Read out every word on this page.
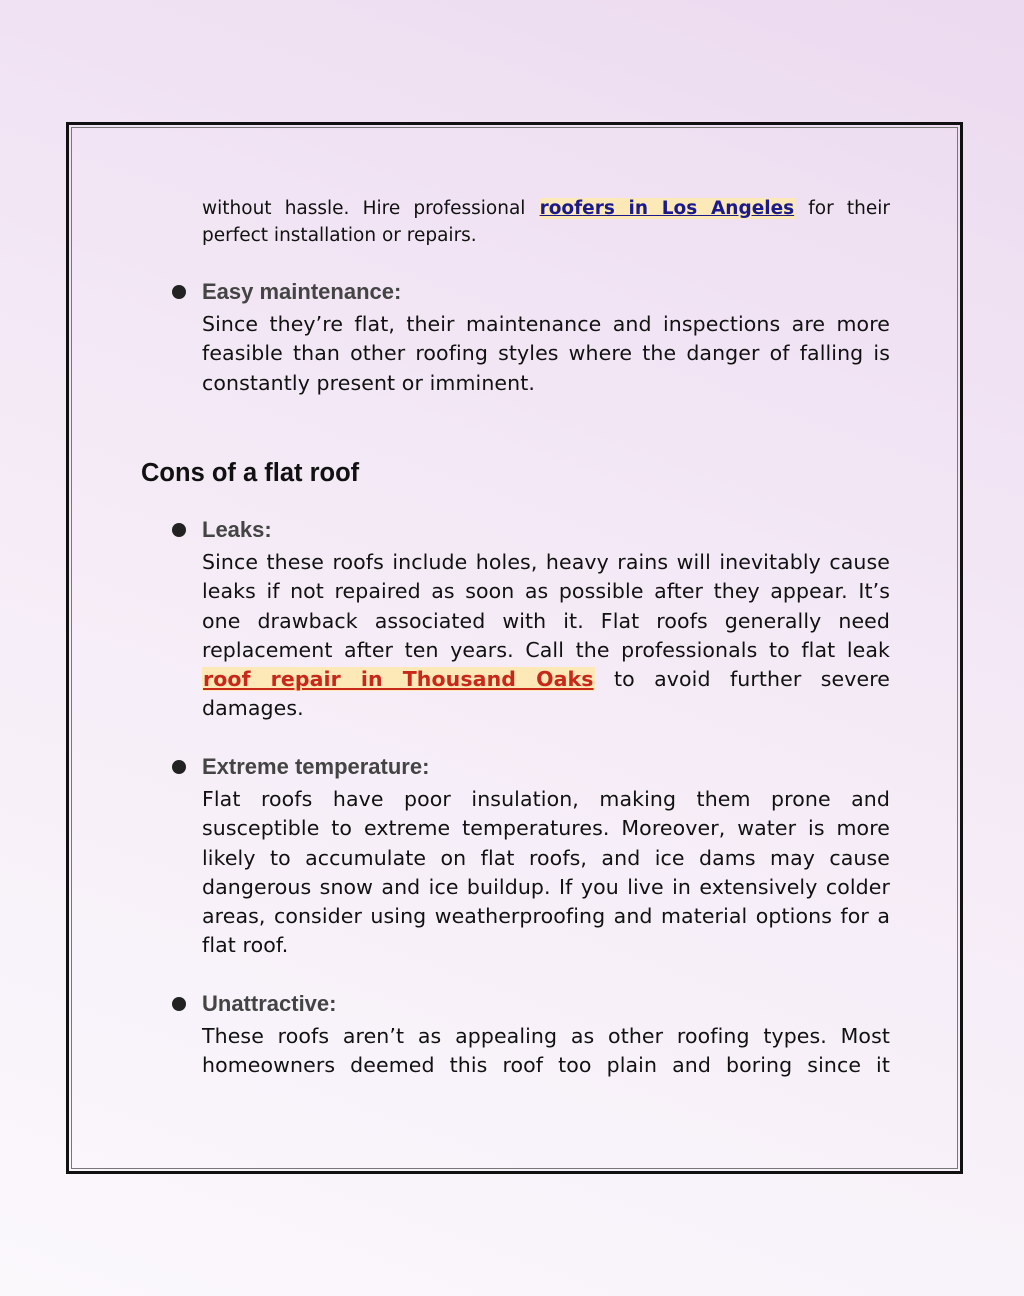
without hassle. Hire professional roofers in Los Angeles for their perfect installation or repairs.
Easy maintenance:
Since they’re flat, their maintenance and inspections are more feasible than other roofing styles where the danger of falling is constantly present or imminent.
Cons of a flat roof
Leaks:
Since these roofs include holes, heavy rains will inevitably cause leaks if not repaired as soon as possible after they appear. It’s one drawback associated with it. Flat roofs generally need replacement after ten years. Call the professionals to flat leak roof repair in Thousand Oaks to avoid further severe damages.
Extreme temperature:
Flat roofs have poor insulation, making them prone and susceptible to extreme temperatures. Moreover, water is more likely to accumulate on flat roofs, and ice dams may cause dangerous snow and ice buildup. If you live in extensively colder areas, consider using weatherproofing and material options for a flat roof.
Unattractive:
These roofs aren’t as appealing as other roofing types. Most homeowners deemed this roof too plain and boring since it
